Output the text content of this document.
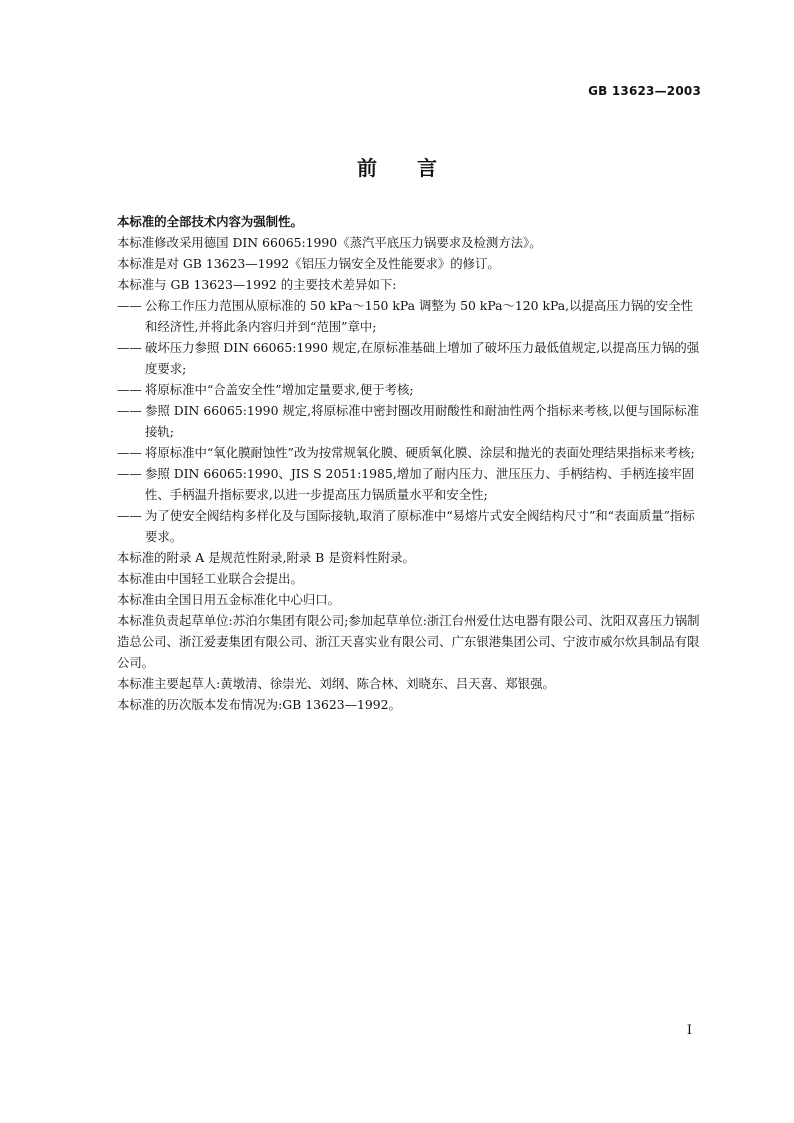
GB 13623—2003
前言

本标准的全部技术内容为强制性。

本标准修改采用德国 DIN 66065:1990《蒸汽平底压力锅要求及检测方法》。

本标准是对 GB 13623—1992《铝压力锅安全及性能要求》的修订。

本标准与 GB 13623—1992 的主要技术差异如下:

—— 公称工作压力范围从原标准的 50 kPa～150 kPa 调整为 50 kPa～120 kPa,以提高压力锅的安全性和经济性,并将此条内容归并到“范围”章中;
—— 破坏压力参照 DIN 66065:1990 规定,在原标准基础上增加了破坏压力最低值规定,以提高压力锅的强度要求;
—— 将原标准中“合盖安全性”增加定量要求,便于考核;
—— 参照 DIN 66065:1990 规定,将原标准中密封圈改用耐酸性和耐油性两个指标来考核,以便与国际标准接轨;
—— 将原标准中“氧化膜耐蚀性”改为按常规氧化膜、硬质氧化膜、涂层和抛光的表面处理结果指标来考核;
—— 参照 DIN 66065:1990、JIS S 2051:1985,增加了耐内压力、泄压压力、手柄结构、手柄连接牢固性、手柄温升指标要求,以进一步提高压力锅质量水平和安全性;
—— 为了使安全阀结构多样化及与国际接轨,取消了原标准中“易熔片式安全阀结构尺寸”和“表面质量”指标要求。

本标准的附录 A 是规范性附录,附录 B 是资料性附录。

本标准由中国轻工业联合会提出。

本标准由全国日用五金标准化中心归口。

本标准负责起草单位:苏泊尔集团有限公司;参加起草单位:浙江台州爱仕达电器有限公司、沈阳双喜压力锅制造总公司、浙江爱妻集团有限公司、浙江天喜实业有限公司、广东银港集团公司、宁波市威尔炊具制品有限公司。

本标准主要起草人:黄墩清、徐崇光、刘纲、陈合林、刘晓东、吕天喜、郑银强。

本标准的历次版本发布情况为:GB 13623—1992。

I
